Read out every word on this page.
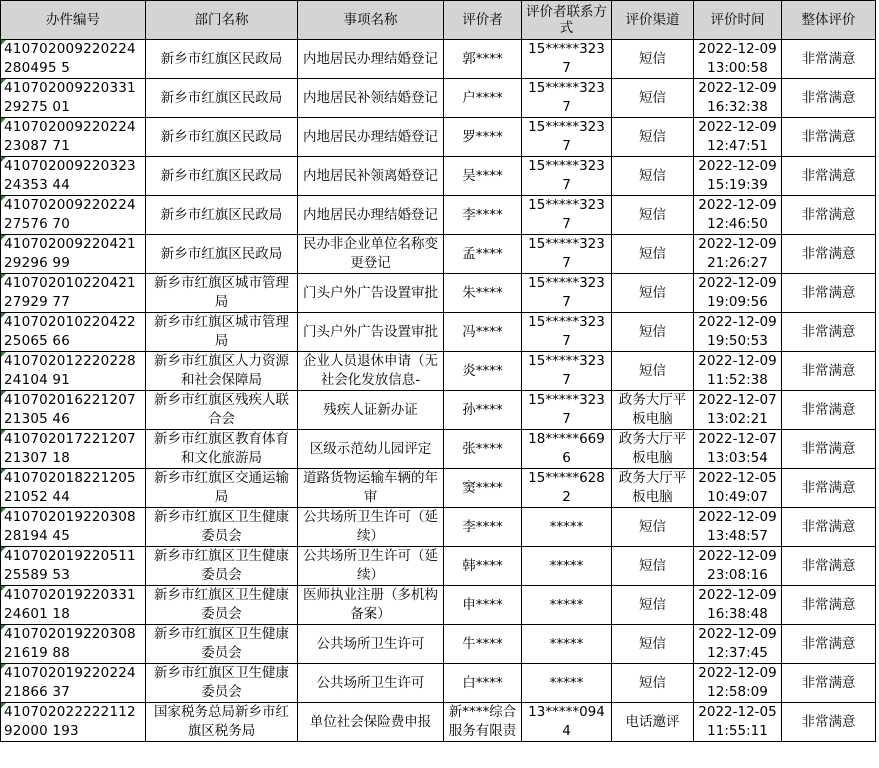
办件编号	部门名称	事项名称	评价者	评价者联系方式	评价渠道	评价时间	整体评价
410702009220224280495 5	新乡市红旗区民政局	内地居民办理结婚登记	郭****	15*****3237	短信	2022-12-09 13:00:58	非常满意
41070200922033129275 01	新乡市红旗区民政局	内地居民补领结婚登记	户****	15*****3237	短信	2022-12-09 16:32:38	非常满意
41070200922022423087 71	新乡市红旗区民政局	内地居民办理结婚登记	罗****	15*****3237	短信	2022-12-09 12:47:51	非常满意
41070200922032324353 44	新乡市红旗区民政局	内地居民补领离婚登记	吴****	15*****3237	短信	2022-12-09 15:19:39	非常满意
41070200922022427576 70	新乡市红旗区民政局	内地居民办理结婚登记	李****	15*****3237	短信	2022-12-09 12:46:50	非常满意
41070200922042129296 99	新乡市红旗区民政局	民办非企业单位名称变更登记	孟****	15*****3237	短信	2022-12-09 21:26:27	非常满意
41070201022042127929 77	新乡市红旗区城市管理局	门头户外广告设置审批	朱****	15*****3237	短信	2022-12-09 19:09:56	非常满意
41070201022042225065 66	新乡市红旗区城市管理局	门头户外广告设置审批	冯****	15*****3237	短信	2022-12-09 19:50:53	非常满意
41070201222022824104 91	新乡市红旗区人力资源和社会保障局	企业人员退休申请（无社会化发放信息-	炎****	15*****3237	短信	2022-12-09 11:52:38	非常满意
41070201622120721305 46	新乡市红旗区残疾人联合会	残疾人证新办证	孙****	15*****3237	政务大厅平板电脑	2022-12-07 13:02:21	非常满意
41070201722120721307 18	新乡市红旗区教育体育和文化旅游局	区级示范幼儿园评定	张****	18*****6696	政务大厅平板电脑	2022-12-07 13:03:54	非常满意
41070201822120521052 44	新乡市红旗区交通运输局	道路货物运输车辆的年审	窦****	15*****6282	政务大厅平板电脑	2022-12-05 10:49:07	非常满意
41070201922030828194 45	新乡市红旗区卫生健康委员会	公共场所卫生许可（延续）	李****	*****	短信	2022-12-09 13:48:57	非常满意
41070201922051125589 53	新乡市红旗区卫生健康委员会	公共场所卫生许可（延续）	韩****	*****	短信	2022-12-09 23:08:16	非常满意
41070201922033124601 18	新乡市红旗区卫生健康委员会	医师执业注册（多机构备案）	申****	*****	短信	2022-12-09 16:38:48	非常满意
41070201922030821619 88	新乡市红旗区卫生健康委员会	公共场所卫生许可	牛****	*****	短信	2022-12-09 12:37:45	非常满意
41070201922022421866 37	新乡市红旗区卫生健康委员会	公共场所卫生许可	白****	*****	短信	2022-12-09 12:58:09	非常满意
41070202222211292000 193	国家税务总局新乡市红旗区税务局	单位社会保险费申报	新****综合服务有限责	13*****0944	电话邀评	2022-12-05 11:55:11	非常满意
